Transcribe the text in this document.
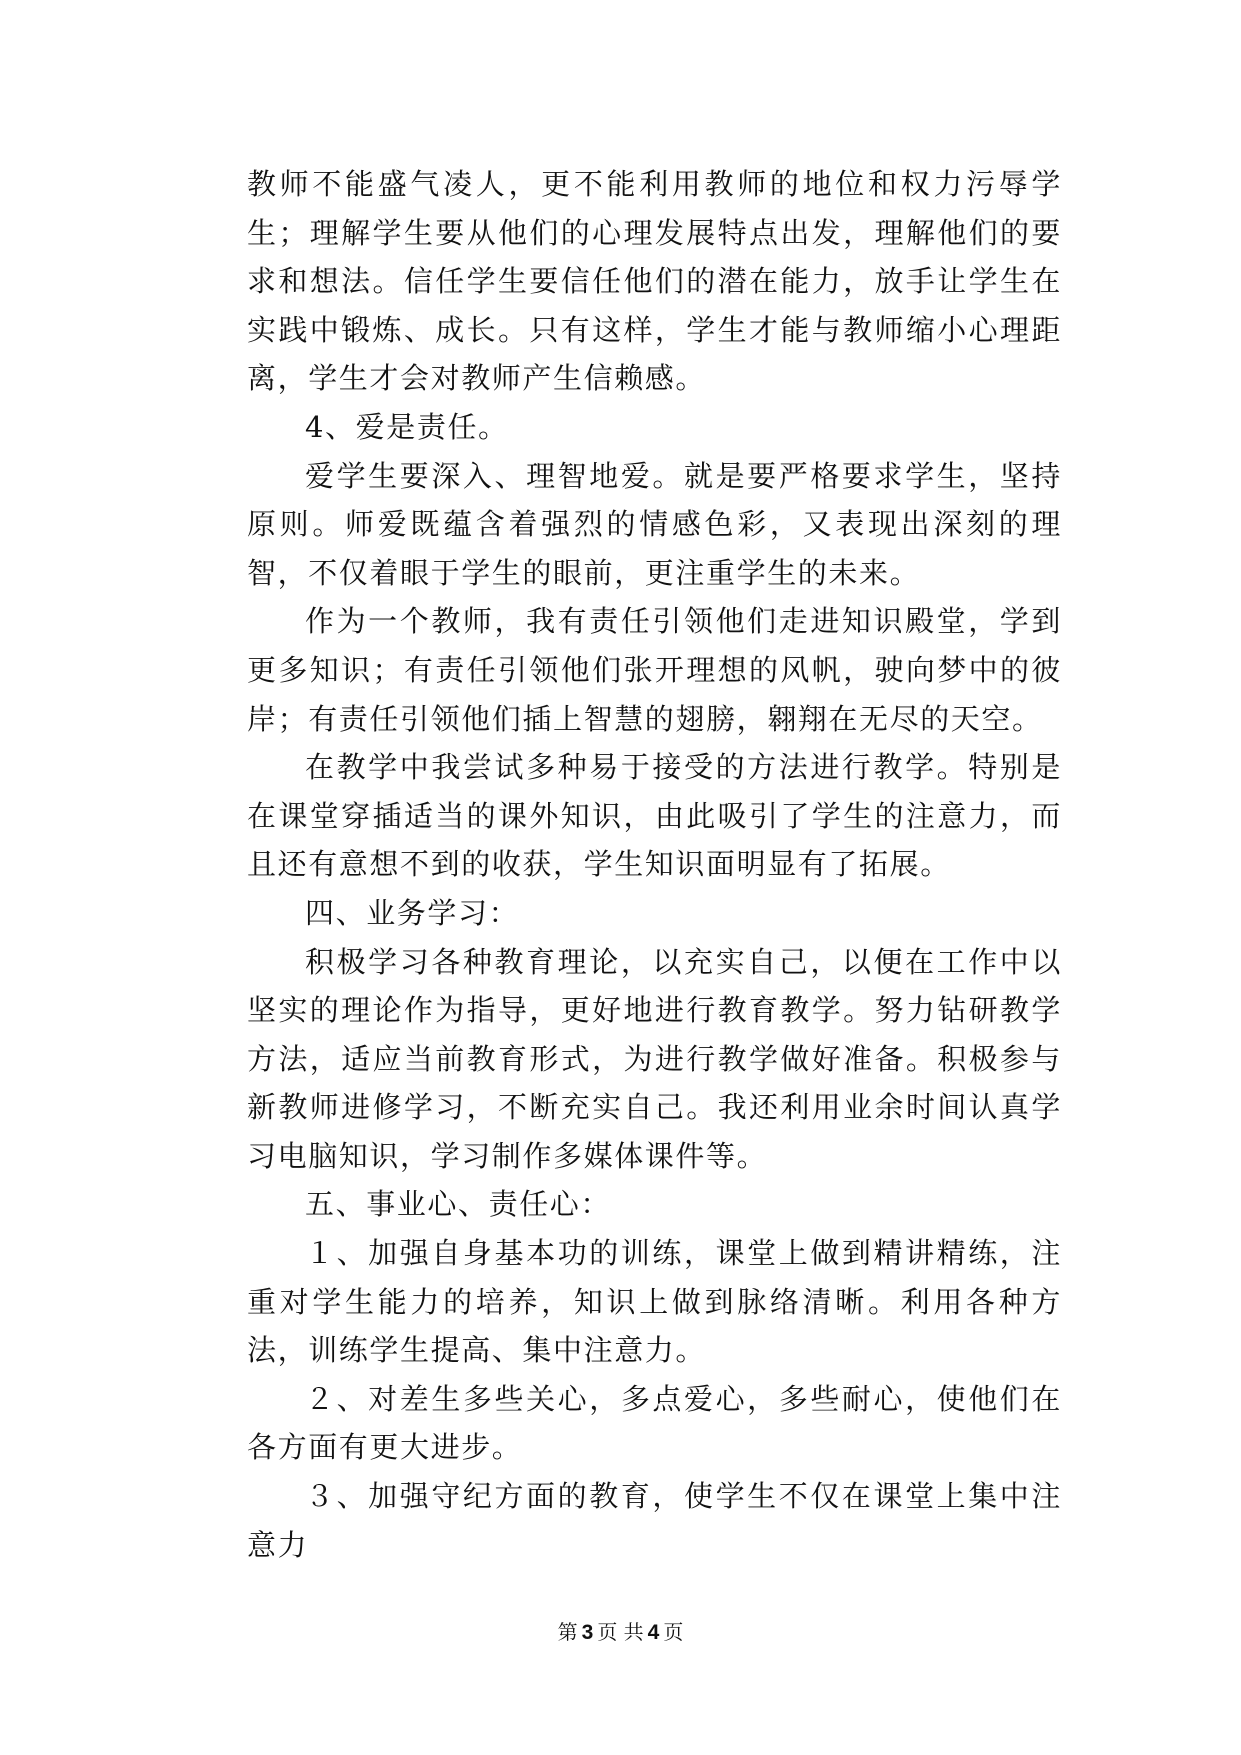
教师不能盛气凌人，更不能利用教师的地位和权力污辱学生；理解学生要从他们的心理发展特点出发，理解他们的要求和想法。信任学生要信任他们的潜在能力，放手让学生在实践中锻炼、成长。只有这样，学生才能与教师缩小心理距离，学生才会对教师产生信赖感。

4、爱是责任。

爱学生要深入、理智地爱。就是要严格要求学生，坚持原则。师爱既蕴含着强烈的情感色彩，又表现出深刻的理智，不仅着眼于学生的眼前，更注重学生的未来。

作为一个教师，我有责任引领他们走进知识殿堂，学到更多知识；有责任引领他们张开理想的风帆，驶向梦中的彼岸；有责任引领他们插上智慧的翅膀，翱翔在无尽的天空。

在教学中我尝试多种易于接受的方法进行教学。特别是在课堂穿插适当的课外知识，由此吸引了学生的注意力，而且还有意想不到的收获，学生知识面明显有了拓展。

四、业务学习：

积极学习各种教育理论，以充实自己，以便在工作中以坚实的理论作为指导，更好地进行教育教学。努力钻研教学方法，适应当前教育形式，为进行教学做好准备。积极参与新教师进修学习，不断充实自己。我还利用业余时间认真学习电脑知识，学习制作多媒体课件等。

五、事业心、责任心：

１、加强自身基本功的训练，课堂上做到精讲精练，注重对学生能力的培养，知识上做到脉络清晰。利用各种方法，训练学生提高、集中注意力。

２、对差生多些关心，多点爱心，多些耐心，使他们在各方面有更大进步。

３、加强守纪方面的教育，使学生不仅在课堂上集中注意力

第 3 页 共 4 页
